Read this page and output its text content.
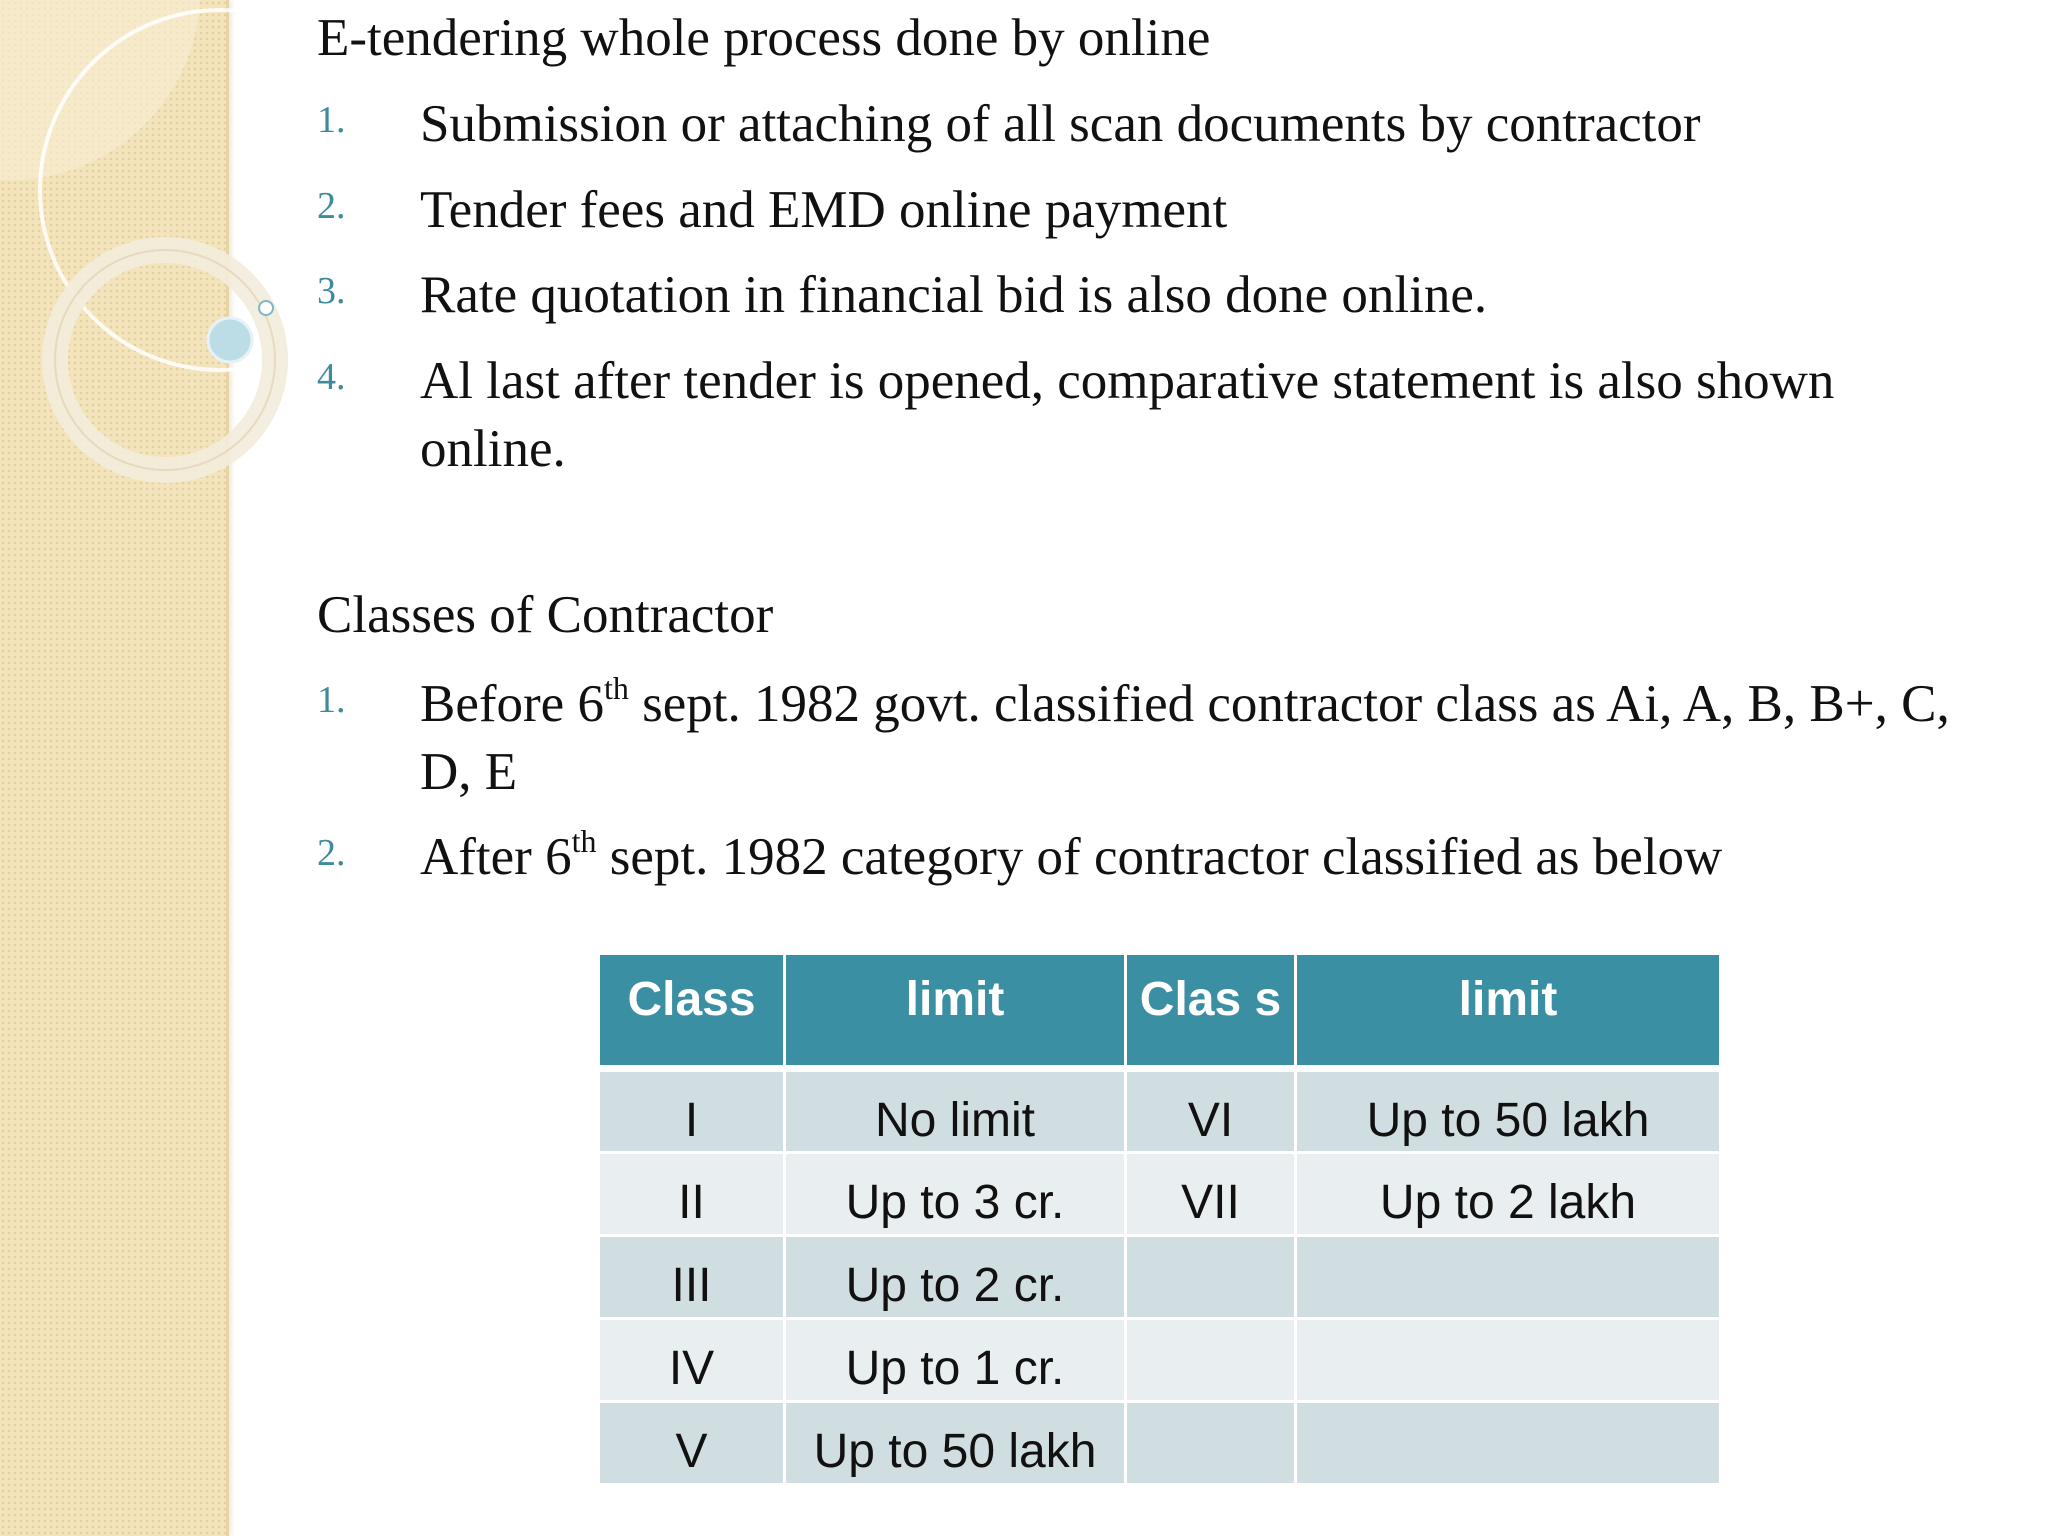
E-tendering whole process done by online
1. Submission or attaching of all scan documents by contractor
2. Tender fees and EMD online payment
3. Rate quotation in financial bid is also done online.
4. Al last after tender is opened, comparative statement is also shown online.
Classes of Contractor
1. Before 6th sept. 1982 govt. classified contractor class as Ai, A, B, B+, C, D, E
2. After 6th sept. 1982 category of contractor classified as below
Class	limit	Clas s	limit
I	No limit	VI	Up to 50 lakh
II	Up to 3 cr.	VII	Up to 2 lakh
III	Up to 2 cr.		
IV	Up to 1 cr.		
V	Up to 50 lakh		
